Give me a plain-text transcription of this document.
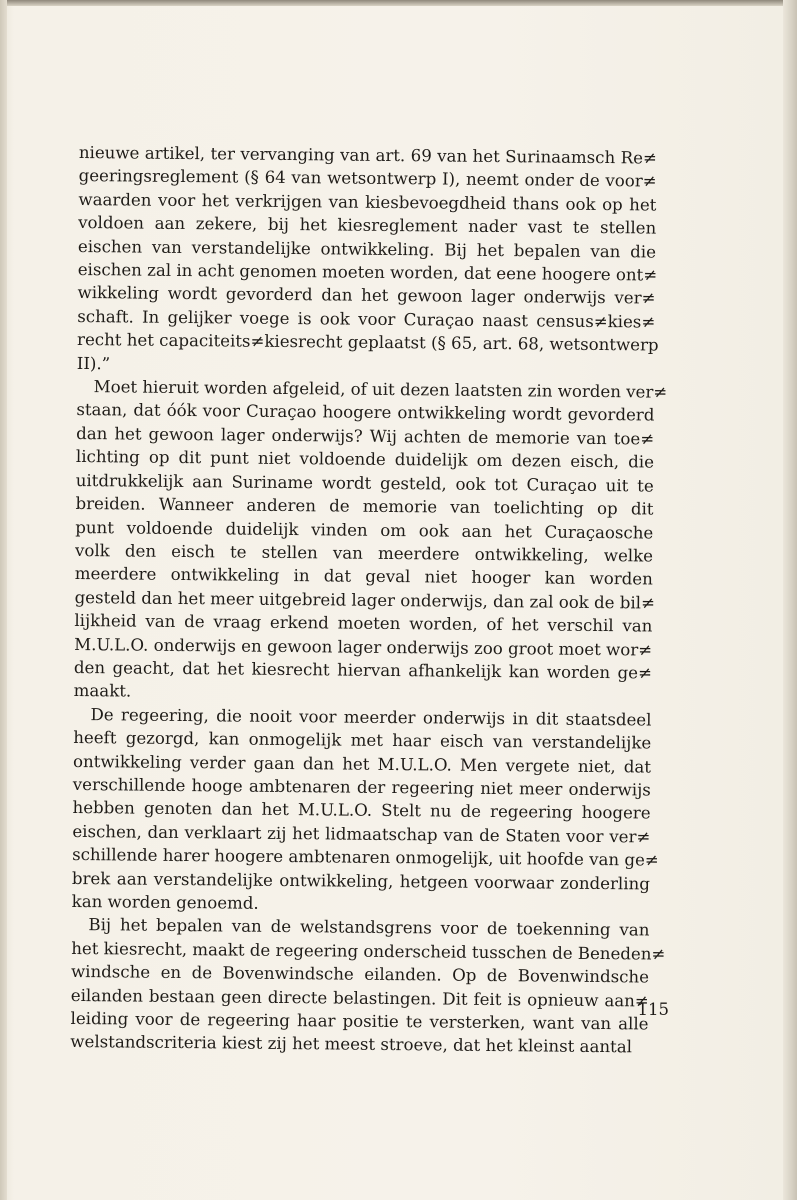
nieuwe artikel, ter vervanging van art. 69 van het Surinaamsch Re≠
geeringsreglement (§ 64 van wetsontwerp I), neemt onder de voor≠
waarden voor het verkrijgen van kiesbevoegdheid thans ook op het
voldoen aan zekere, bij het kiesreglement nader vast te stellen
eischen van verstandelijke ontwikkeling. Bij het bepalen van die
eischen zal in acht genomen moeten worden, dat eene hoogere ont≠
wikkeling wordt gevorderd dan het gewoon lager onderwijs ver≠
schaft. In gelijker voege is ook voor Curaçao naast census≠kies≠
recht het capaciteits≠kiesrecht geplaatst (§ 65, art. 68, wetsontwerp
II).”
Moet hieruit worden afgeleid, of uit dezen laatsten zin worden ver≠
staan, dat óók voor Curaçao hoogere ontwikkeling wordt gevorderd
dan het gewoon lager onderwijs? Wij achten de memorie van toe≠
lichting op dit punt niet voldoende duidelijk om dezen eisch, die
uitdrukkelijk aan Suriname wordt gesteld, ook tot Curaçao uit te
breiden. Wanneer anderen de memorie van toelichting op dit
punt voldoende duidelijk vinden om ook aan het Curaçaosche
volk den eisch te stellen van meerdere ontwikkeling, welke
meerdere ontwikkeling in dat geval niet hooger kan worden
gesteld dan het meer uitgebreid lager onderwijs, dan zal ook de bil≠
lijkheid van de vraag erkend moeten worden, of het verschil van
M.U.L.O. onderwijs en gewoon lager onderwijs zoo groot moet wor≠
den geacht, dat het kiesrecht hiervan afhankelijk kan worden ge≠
maakt.
De regeering, die nooit voor meerder onderwijs in dit staatsdeel
heeft gezorgd, kan onmogelijk met haar eisch van verstandelijke
ontwikkeling verder gaan dan het M.U.L.O. Men vergete niet, dat
verschillende hooge ambtenaren der regeering niet meer onderwijs
hebben genoten dan het M.U.L.O. Stelt nu de regeering hoogere
eischen, dan verklaart zij het lidmaatschap van de Staten voor ver≠
schillende harer hoogere ambtenaren onmogelijk, uit hoofde van ge≠
brek aan verstandelijke ontwikkeling, hetgeen voorwaar zonderling
kan worden genoemd.
Bij het bepalen van de welstandsgrens voor de toekenning van
het kiesrecht, maakt de regeering onderscheid tusschen de Beneden≠
windsche en de Bovenwindsche eilanden. Op de Bovenwindsche
eilanden bestaan geen directe belastingen. Dit feit is opnieuw aan≠
leiding voor de regeering haar positie te versterken, want van alle
welstandscriteria kiest zij het meest stroeve, dat het kleinst aantal
115
